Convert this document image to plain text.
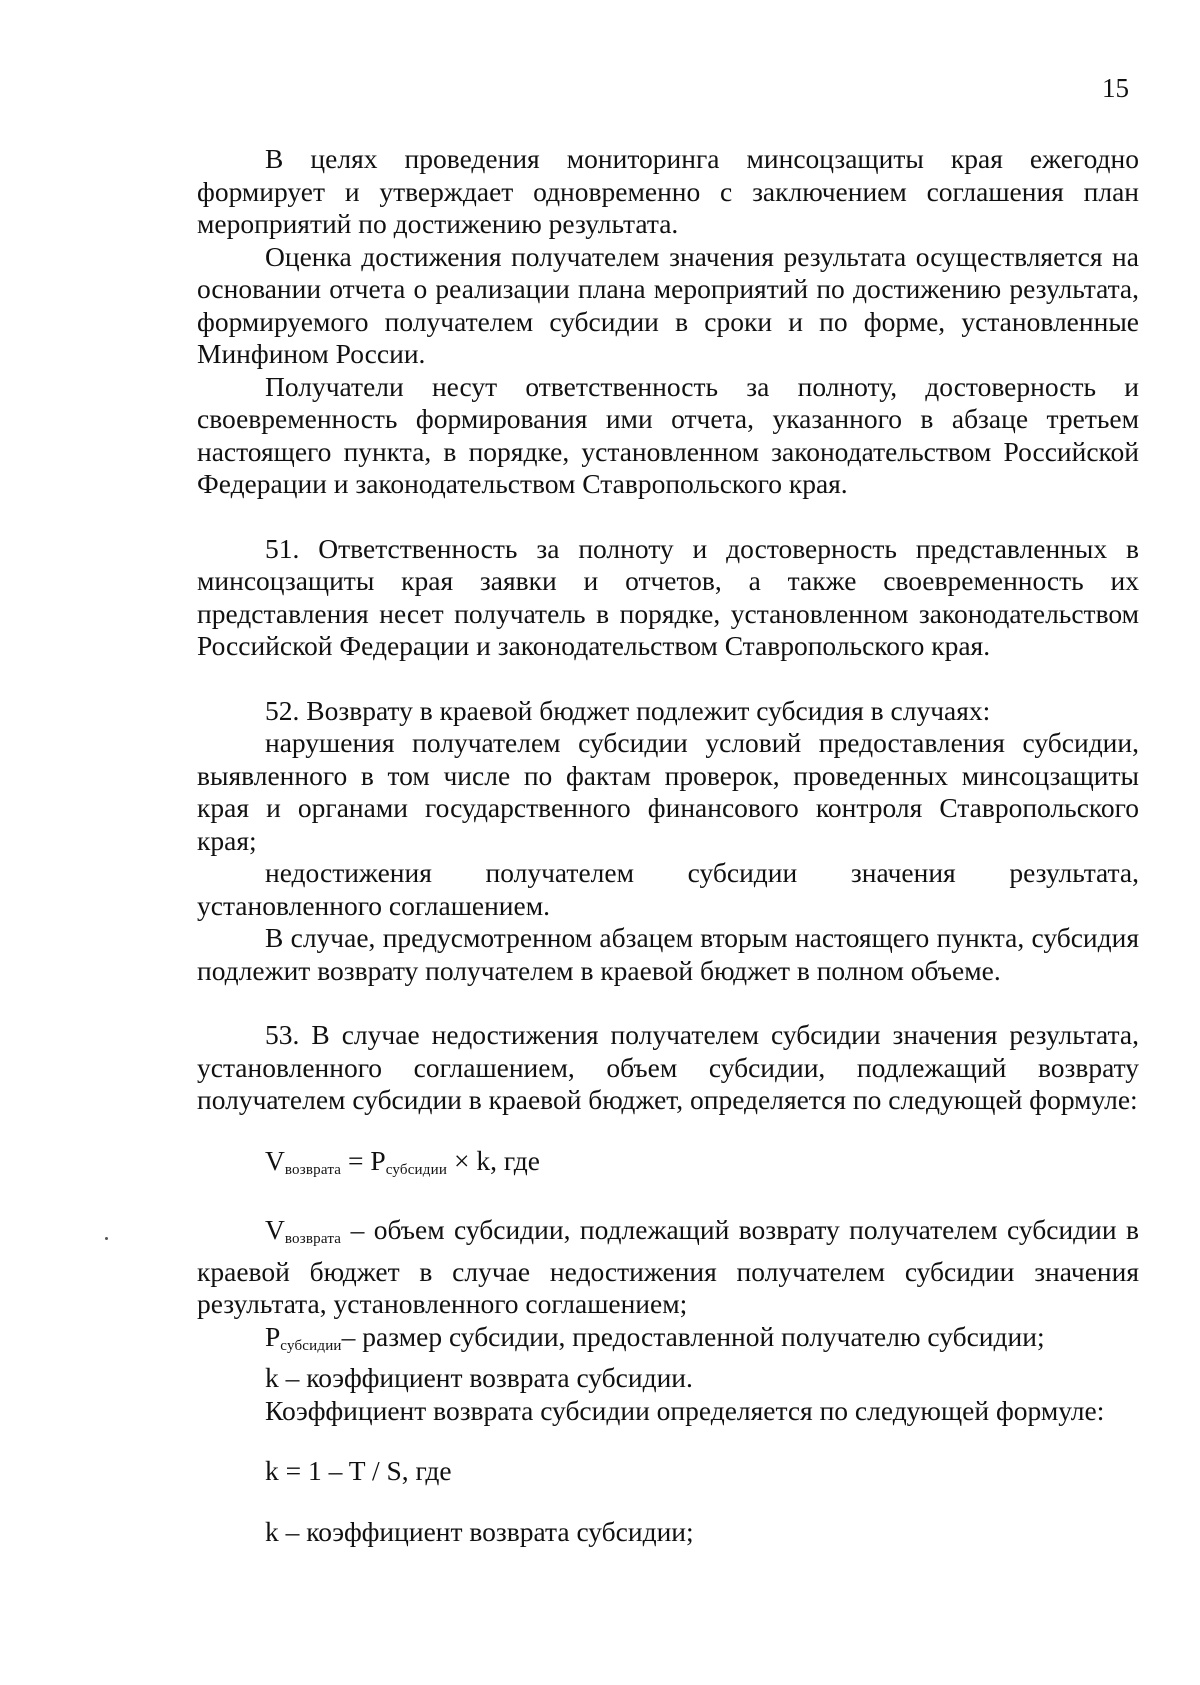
15

В целях проведения мониторинга минсоцзащиты края ежегодно формирует и утверждает одновременно с заключением соглашения план мероприятий по достижению результата.

Оценка достижения получателем значения результата осуществляется на основании отчета о реализации плана мероприятий по достижению результата, формируемого получателем субсидии в сроки и по форме, установленные Минфином России.

Получатели несут ответственность за полноту, достоверность и своевременность формирования ими отчета, указанного в абзаце третьем настоящего пункта, в порядке, установленном законодательством Российской Федерации и законодательством Ставропольского края.

51. Ответственность за полноту и достоверность представленных в минсоцзащиты края заявки и отчетов, а также своевременность их представления несет получатель в порядке, установленном законодательством Российской Федерации и законодательством Ставропольского края.

52. Возврату в краевой бюджет подлежит субсидия в случаях:

нарушения получателем субсидии условий предоставления субсидии, выявленного в том числе по фактам проверок, проведенных минсоцзащиты края и органами государственного финансового контроля Ставропольского края;

недостижения получателем субсидии значения результата, установленного соглашением.

В случае, предусмотренном абзацем вторым настоящего пункта, субсидия подлежит возврату получателем в краевой бюджет в полном объеме.

53. В случае недостижения получателем субсидии значения результата, установленного соглашением, объем субсидии, подлежащий возврату получателем субсидии в краевой бюджет, определяется по следующей формуле:

$V_{возврата} = P_{субсидии} \times k$, где

$V_{возврата}$ – объем субсидии, подлежащий возврату получателем субсидии в краевой бюджет в случае недостижения получателем субсидии значения результата, установленного соглашением;

$P_{субсидии}-$ размер субсидии, предоставленной получателю субсидии;

k – коэффициент возврата субсидии.

Коэффициент возврата субсидии определяется по следующей формуле:

k = 1 – T / S, где

k – коэффициент возврата субсидии;
